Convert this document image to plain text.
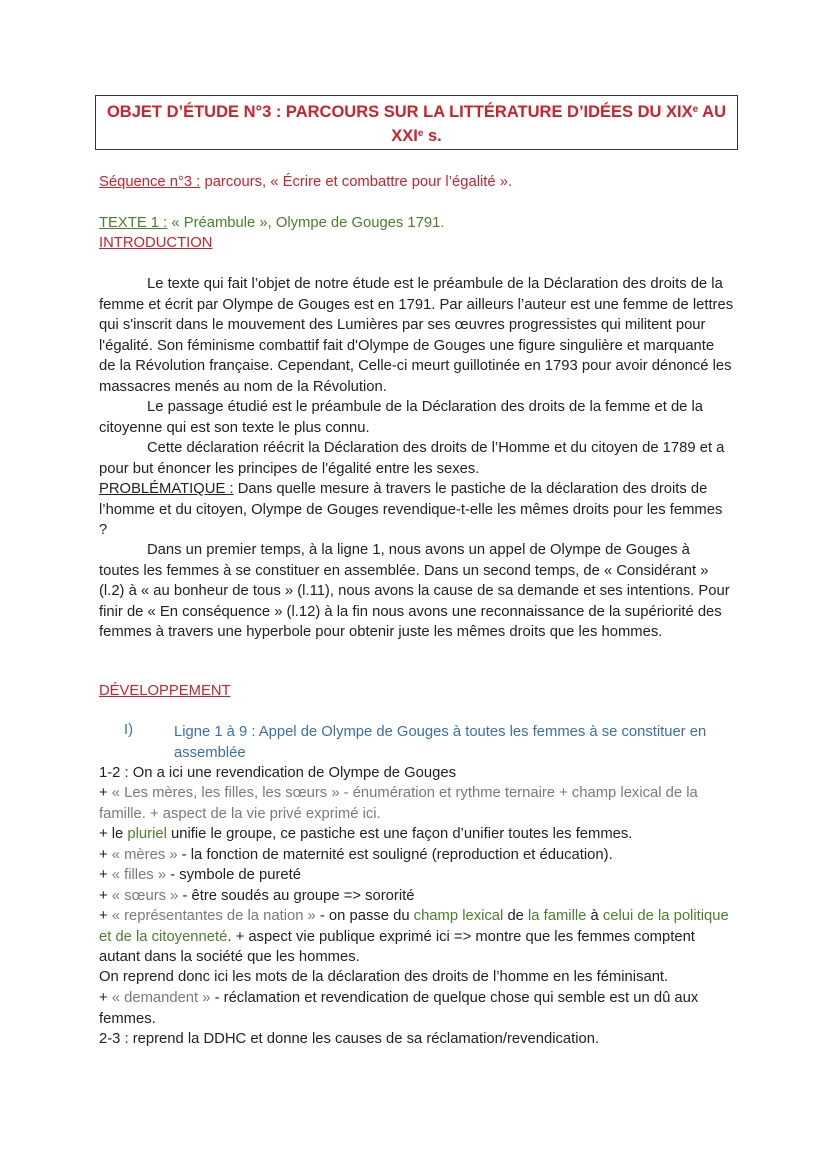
OBJET D’ÉTUDE N°3 : PARCOURS SUR LA LITTÉRATURE D’IDÉES DU XIXe AU
XXIe s.
Séquence n°3 : parcours, « Écrire et combattre pour l’égalité ».
TEXTE 1 : « Préambule », Olympe de Gouges 1791.
INTRODUCTION

Le texte qui fait l’objet de notre étude est le préambule de la Déclaration des droits de la femme et écrit par Olympe de Gouges est en 1791. Par ailleurs l’auteur est une femme de lettres qui s'inscrit dans le mouvement des Lumières par ses œuvres progressistes qui militent pour l'égalité. Son féminisme combattif fait d'Olympe de Gouges une figure singulière et marquante de la Révolution française. Cependant, Celle-ci meurt guillotinée en 1793 pour avoir dénoncé les massacres menés au nom de la Révolution.

Le passage étudié est le préambule de la Déclaration des droits de la femme et de la citoyenne qui est son texte le plus connu.

Cette déclaration réécrit la Déclaration des droits de l’Homme et du citoyen de 1789 et a pour but énoncer les principes de l'égalité entre les sexes.

PROBLÉMATIQUE : Dans quelle mesure à travers le pastiche de la déclaration des droits de l’homme et du citoyen, Olympe de Gouges revendique-t-elle les mêmes droits pour les femmes ?

Dans un premier temps, à la ligne 1, nous avons un appel de Olympe de Gouges à toutes les femmes à se constituer en assemblée. Dans un second temps, de « Considérant » (l.2) à « au bonheur de tous » (l.11), nous avons la cause de sa demande et ses intentions. Pour finir de « En conséquence » (l.12) à la fin nous avons une reconnaissance de la supériorité des femmes à travers une hyperbole pour obtenir juste les mêmes droits que les hommes.

DÉVELOPPEMENT
I)	Ligne 1 à 9 : Appel de Olympe de Gouges à toutes les femmes à se constituer en assemblée
1-2 : On a ici une revendication de Olympe de Gouges

+ « Les mères, les filles, les sœurs » - énumération et rythme ternaire + champ lexical de la famille. + aspect de la vie privé exprimé ici.

+ le pluriel unifie le groupe, ce pastiche est une façon d’unifier toutes les femmes.
+ « mères » - la fonction de maternité est souligné (reproduction et éducation).
+ « filles » - symbole de pureté
+ « sœurs » - être soudés au groupe => sororité

+ « représentantes de la nation » - on passe du champ lexical de la famille à celui de la politique et de la citoyenneté. + aspect vie publique exprimé ici => montre que les femmes comptent autant dans la société que les hommes.

On reprend donc ici les mots de la déclaration des droits de l’homme en les féminisant.

+ « demandent » - réclamation et revendication de quelque chose qui semble est un dû aux femmes.

2-3 : reprend la DDHC et donne les causes de sa réclamation/revendication.
